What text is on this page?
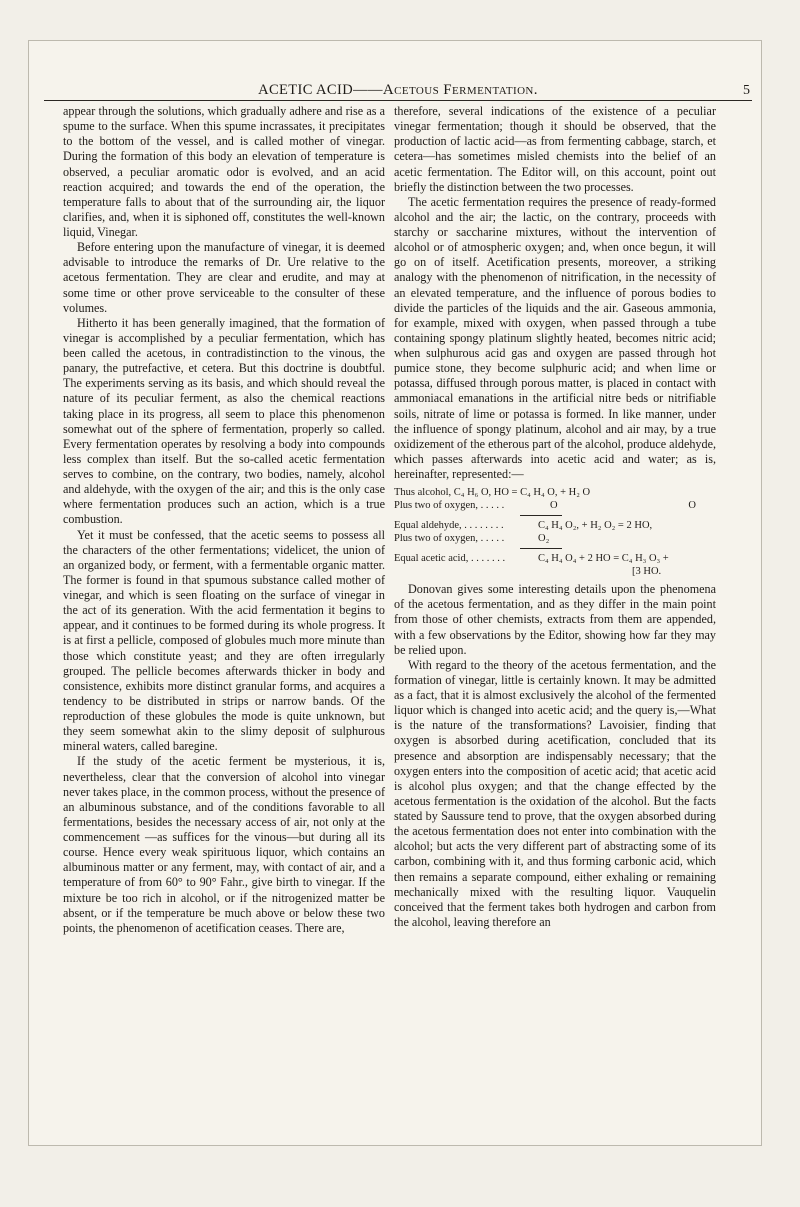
ACETIC ACID——Acetous Fermentation.	5

appear through the solutions, which gradually adhere and rise as a spume to the surface. When this spume incrassates, it precipitates to the bottom of the vessel, and is called mother of vinegar. During the formation of this body an elevation of temperature is observed, a peculiar aromatic odor is evolved, and an acid reaction acquired; and towards the end of the operation, the temperature falls to about that of the surrounding air, the liquor clarifies, and, when it is siphoned off, constitutes the well-known liquid, Vinegar.

Before entering upon the manufacture of vinegar, it is deemed advisable to introduce the remarks of Dr. Ure relative to the acetous fermentation. They are clear and erudite, and may at some time or other prove serviceable to the consulter of these volumes.

Hitherto it has been generally imagined, that the formation of vinegar is accomplished by a peculiar fermentation, which has been called the acetous, in contradistinction to the vinous, the panary, the putrefactive, et cetera. But this doctrine is doubtful. The experiments serving as its basis, and which should reveal the nature of its peculiar ferment, as also the chemical reactions taking place in its progress, all seem to place this phenomenon somewhat out of the sphere of fermentation, properly so called. Every fermentation operates by resolving a body into compounds less complex than itself. But the so-called acetic fermentation serves to combine, on the contrary, two bodies, namely, alcohol and aldehyde, with the oxygen of the air; and this is the only case where fermentation produces such an action, which is a true combustion.

Yet it must be confessed, that the acetic seems to possess all the characters of the other fermentations; videlicet, the union of an organized body, or ferment, with a fermentable organic matter. The former is found in that spumous substance called mother of vinegar, and which is seen floating on the surface of vinegar in the act of its generation. With the acid fermentation it begins to appear, and it continues to be formed during its whole progress. It is at first a pellicle, composed of globules much more minute than those which constitute yeast; and they are often irregularly grouped. The pellicle becomes afterwards thicker in body and consistence, exhibits more distinct granular forms, and acquires a tendency to be distributed in strips or narrow bands. Of the reproduction of these globules the mode is quite unknown, but they seem somewhat akin to the slimy deposit of sulphurous mineral waters, called baregine.

If the study of the acetic ferment be mysterious, it is, nevertheless, clear that the conversion of alcohol into vinegar never takes place, in the common process, without the presence of an albuminous substance, and of the conditions favorable to all fermentations, besides the necessary access of air, not only at the commencement —as suffices for the vinous—but during all its course. Hence every weak spirituous liquor, which contains an albuminous matter or any ferment, may, with contact of air, and a temperature of from 60° to 90° Fahr., give birth to vinegar. If the mixture be too rich in alcohol, or if the nitrogenized matter be absent, or if the temperature be much above or below these two points, the phenomenon of acetification ceases. There are,

therefore, several indications of the existence of a peculiar vinegar fermentation; though it should be observed, that the production of lactic acid—as from fermenting cabbage, starch, et cetera—has sometimes misled chemists into the belief of an acetic fermentation. The Editor will, on this account, point out briefly the distinction between the two processes.

The acetic fermentation requires the presence of ready-formed alcohol and the air; the lactic, on the contrary, proceeds with starchy or saccharine mixtures, without the intervention of alcohol or of atmospheric oxygen; and, when once begun, it will go on of itself. Acetification presents, moreover, a striking analogy with the phenomenon of nitrification, in the necessity of an elevated temperature, and the influence of porous bodies to divide the particles of the liquids and the air. Gaseous ammonia, for example, mixed with oxygen, when passed through a tube containing spongy platinum slightly heated, becomes nitric acid; when sulphurous acid gas and oxygen are passed through hot pumice stone, they become sulphuric acid; and when lime or potassa, diffused through porous matter, is placed in contact with ammoniacal emanations in the artificial nitre beds or nitrifiable soils, nitrate of lime or potassa is formed. In like manner, under the influence of spongy platinum, alcohol and air may, by a true oxidizement of the etherous part of the alcohol, produce aldehyde, which passes afterwards into acetic acid and water; as is, hereinafter, represented:—

Thus alcohol, C₄ H₆ O, HO = C₄ H₄ O, + H₂ O
Plus two of oxygen, . . . . .	O	O
Equal aldehyde, . . . . . . . .	C₄ H₄ O₂, + H₂ O₂ = 2 HO,
Plus two of oxygen, . . . . .	O₂
Equal acetic acid, . . . . . . .	C₄ H₄ O₄ + 2 HO = C₄ H₃ O₃ +
[3 HO.

Donovan gives some interesting details upon the phenomena of the acetous fermentation, and as they differ in the main point from those of other chemists, extracts from them are appended, with a few observations by the Editor, showing how far they may be relied upon.

With regard to the theory of the acetous fermentation, and the formation of vinegar, little is certainly known. It may be admitted as a fact, that it is almost exclusively the alcohol of the fermented liquor which is changed into acetic acid; and the query is,—What is the nature of the transformations? Lavoisier, finding that oxygen is absorbed during acetification, concluded that its presence and absorption are indispensably necessary; that the oxygen enters into the composition of acetic acid; that acetic acid is alcohol plus oxygen; and that the change effected by the acetous fermentation is the oxidation of the alcohol. But the facts stated by Saussure tend to prove, that the oxygen absorbed during the acetous fermentation does not enter into combination with the alcohol; but acts the very different part of abstracting some of its carbon, combining with it, and thus forming carbonic acid, which then remains a separate compound, either exhaling or remaining mechanically mixed with the resulting liquor. Vauquelin conceived that the ferment takes both hydrogen and carbon from the alcohol, leaving therefore an
